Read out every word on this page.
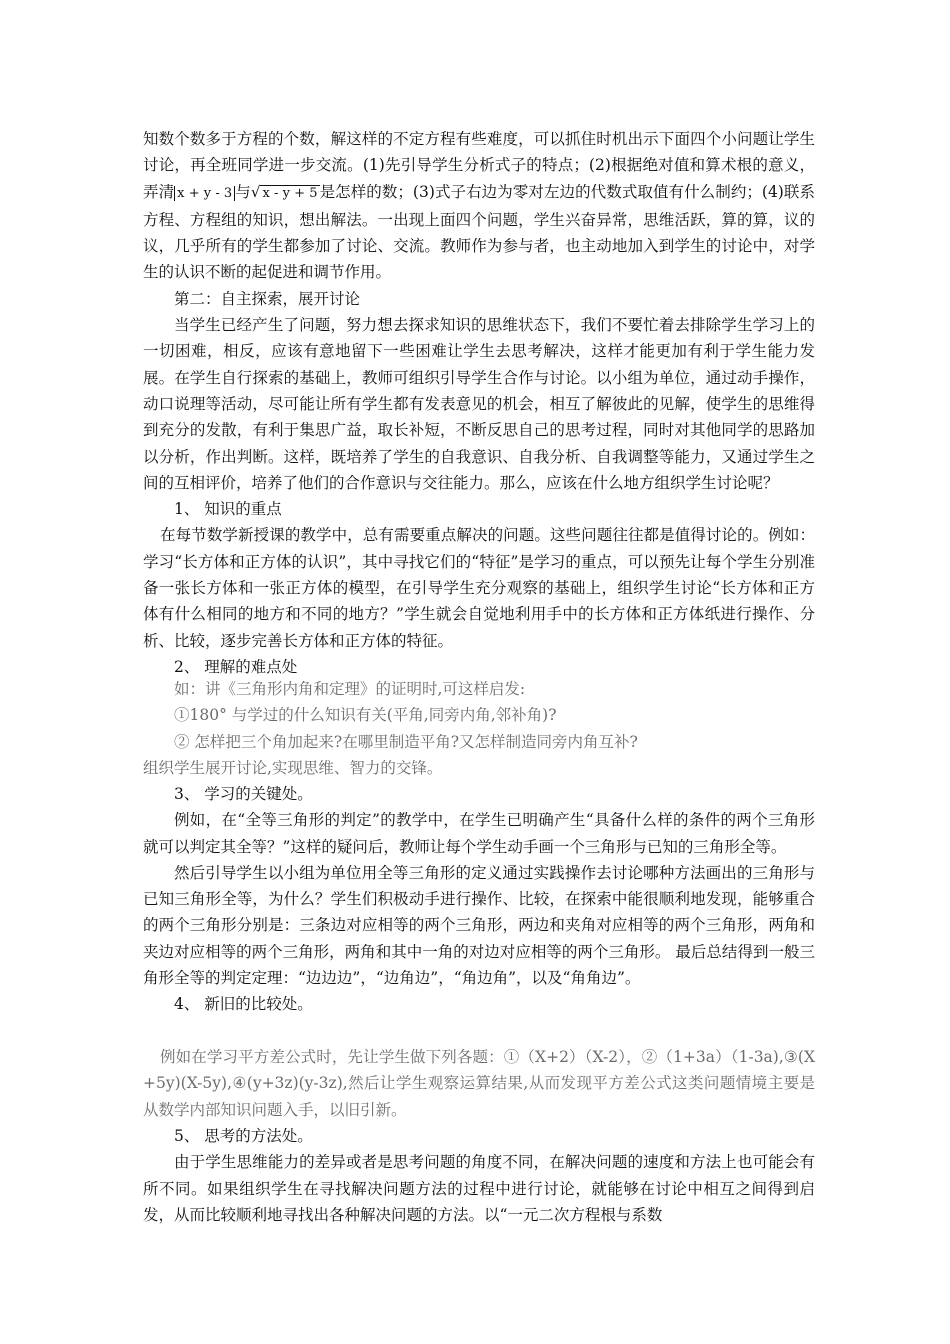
知数个数多于方程的个数，解这样的不定方程有些难度，可以抓住时机出示下面四个小问题让学生讨论，再全班同学进一步交流。(1)先引导学生分析式子的特点；(2)根据绝对值和算术根的意义，弄清 x + y - 3 与√ x - y + 5 是怎样的数；(3)式子右边为零对左边的代数式取值有什么制约；(4)联系方程、方程组的知识，想出解法。一出现上面四个问题，学生兴奋异常，思维活跃，算的算，议的议，几乎所有的学生都参加了讨论、交流。教师作为参与者，也主动地加入到学生的讨论中，对学生的认识不断的起促进和调节作用。

第二：自主探索，展开讨论

当学生已经产生了问题，努力想去探求知识的思维状态下，我们不要忙着去排除学生学习上的一切困难，相反，应该有意地留下一些困难让学生去思考解决，这样才能更加有利于学生能力发展。在学生自行探索的基础上，教师可组织引导学生合作与讨论。以小组为单位，通过动手操作，动口说理等活动，尽可能让所有学生都有发表意见的机会，相互了解彼此的见解，使学生的思维得到充分的发散，有利于集思广益，取长补短，不断反思自己的思考过程，同时对其他同学的思路加以分析，作出判断。这样，既培养了学生的自我意识、自我分析、自我调整等能力，又通过学生之间的互相评价，培养了他们的合作意识与交往能力。那么，应该在什么地方组织学生讨论呢？

1、 知识的重点

在每节数学新授课的教学中，总有需要重点解决的问题。这些问题往往都是值得讨论的。例如：学习“长方体和正方体的认识”，其中寻找它们的“特征”是学习的重点，可以预先让每个学生分别准备一张长方体和一张正方体的模型，在引导学生充分观察的基础上，组织学生讨论“长方体和正方体有什么相同的地方和不同的地方？”学生就会自觉地利用手中的长方体和正方体纸进行操作、分析、比较，逐步完善长方体和正方体的特征。

2、 理解的难点处

如：讲《三角形内角和定理》的证明时,可这样启发:

①180° 与学过的什么知识有关(平角,同旁内角,邻补角)?

② 怎样把三个角加起来?在哪里制造平角?又怎样制造同旁内角互补?

组织学生展开讨论,实现思维、智力的交锋。

3、 学习的关键处。

例如，在“全等三角形的判定”的教学中，在学生已明确产生“具备什么样的条件的两个三角形就可以判定其全等？”这样的疑问后，教师让每个学生动手画一个三角形与已知的三角形全等。

然后引导学生以小组为单位用全等三角形的定义通过实践操作去讨论哪种方法画出的三角形与已知三角形全等，为什么？学生们积极动手进行操作、比较，在探索中能很顺利地发现，能够重合的两个三角形分别是：三条边对应相等的两个三角形，两边和夹角对应相等的两个三角形，两角和夹边对应相等的两个三角形，两角和其中一角的对边对应相等的两个三角形。 最后总结得到一般三角形全等的判定定理：“边边边”，“边角边”，“角边角”，以及“角角边”。

4、 新旧的比较处。

例如在学习平方差公式时，先让学生做下列各题：①（X+2）（X-2），②（1+3a）（1-3a),③(X+5y)(X-5y),④(y+3z)(y-3z),然后让学生观察运算结果,从而发现平方差公式这类问题情境主要是从数学内部知识问题入手，以旧引新。

5、 思考的方法处。

由于学生思维能力的差异或者是思考问题的角度不同，在解决问题的速度和方法上也可能会有所不同。如果组织学生在寻找解决问题方法的过程中进行讨论，就能够在讨论中相互之间得到启发，从而比较顺利地寻找出各种解决问题的方法。以“一元二次方程根与系数
